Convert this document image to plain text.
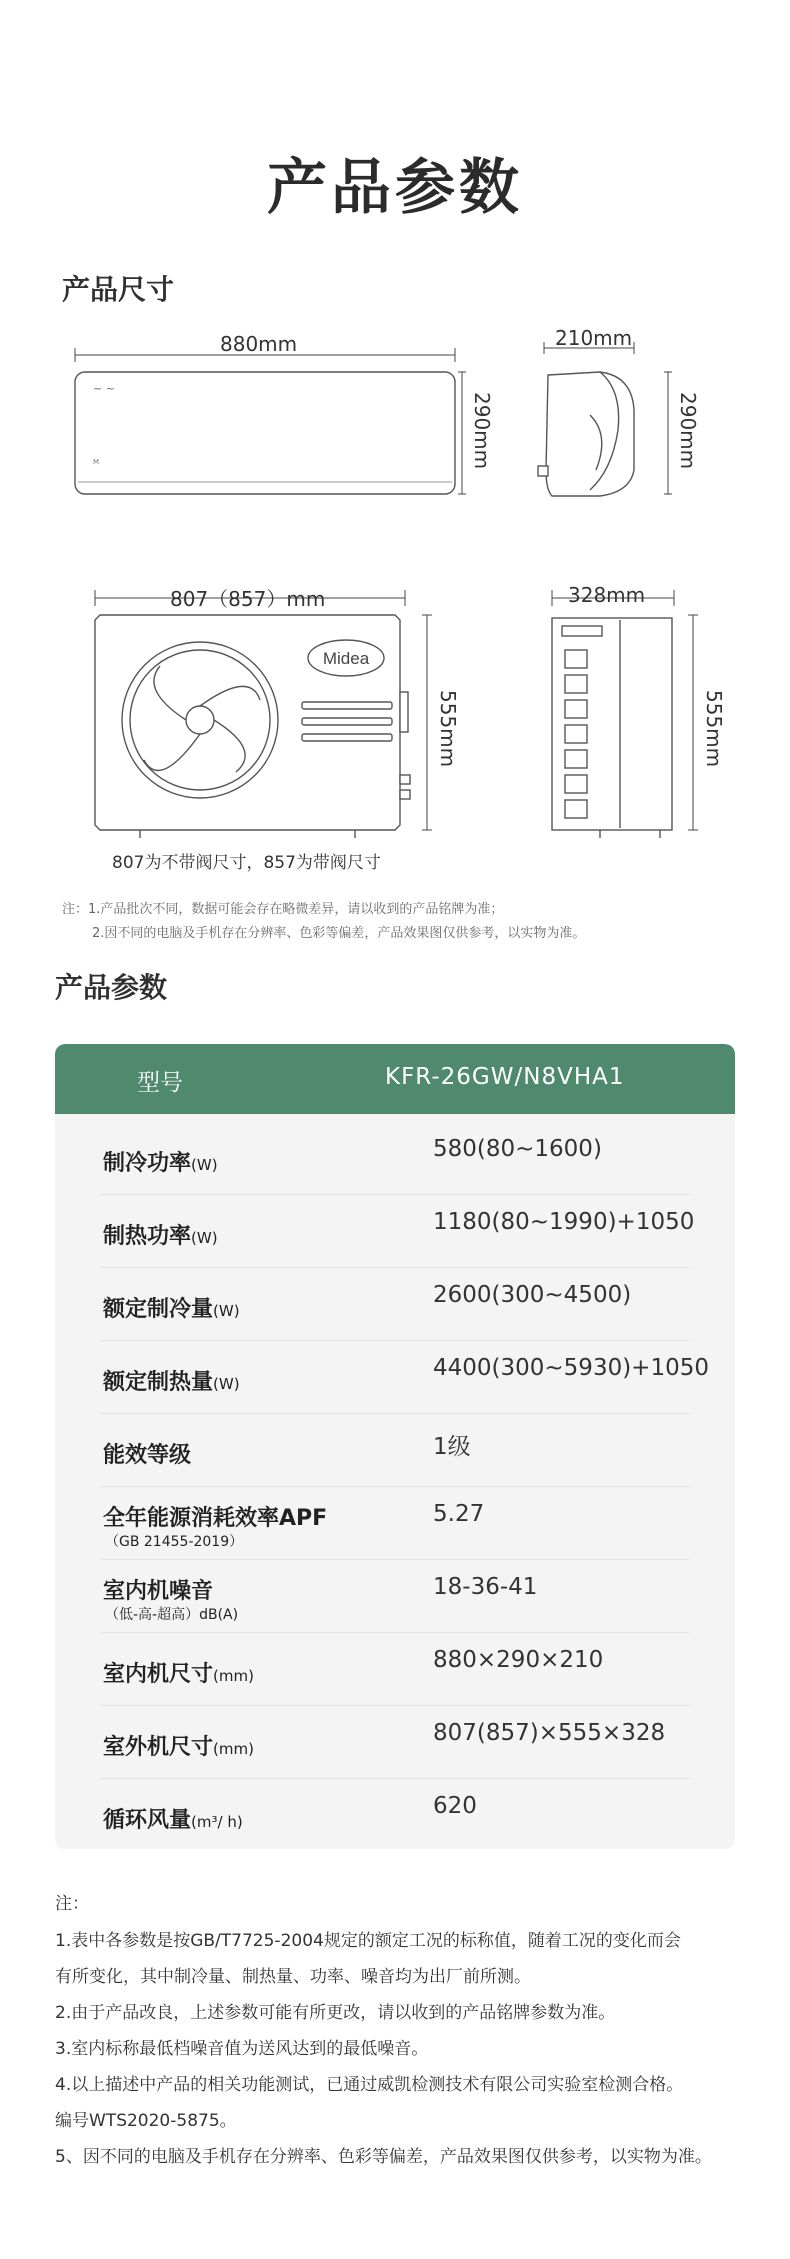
产品参数
产品尺寸
~ ~
M
Midea
880mm
290mm
210mm
290mm
807（857）mm
555mm
328mm
555mm
807为不带阀尺寸，857为带阀尺寸
注：1.产品批次不同，数据可能会存在略微差异，请以收到的产品铭牌为准；
2.因不同的电脑及手机存在分辨率、色彩等偏差，产品效果图仅供参考，以实物为准。
产品参数
型号	KFR-26GW/N8VHA1
制冷功率(W)
580(80~1600)
制热功率(W)
1180(80~1990)+1050
额定制冷量(W)
2600(300~4500)
额定制热量(W)
4400(300~5930)+1050
能效等级	1级
全年能源消耗效率APF
（GB 21455-2019）
5.27
室内机噪音
（低-高-超高）dB(A)
18-36-41
室内机尺寸(mm)
880×290×210
室外机尺寸(mm)
807(857)×555×328
循环风量(m³/ h)
620
注：
1.表中各参数是按GB/T7725-2004规定的额定工况的标称值，随着工况的变化而会
有所变化，其中制冷量、制热量、功率、噪音均为出厂前所测。
2.由于产品改良，上述参数可能有所更改，请以收到的产品铭牌参数为准。
3.室内标称最低档噪音值为送风达到的最低噪音。
4.以上描述中产品的相关功能测试，已通过威凯检测技术有限公司实验室检测合格。
编号WTS2020-5875。
5、因不同的电脑及手机存在分辨率、色彩等偏差，产品效果图仅供参考，以实物为准。
